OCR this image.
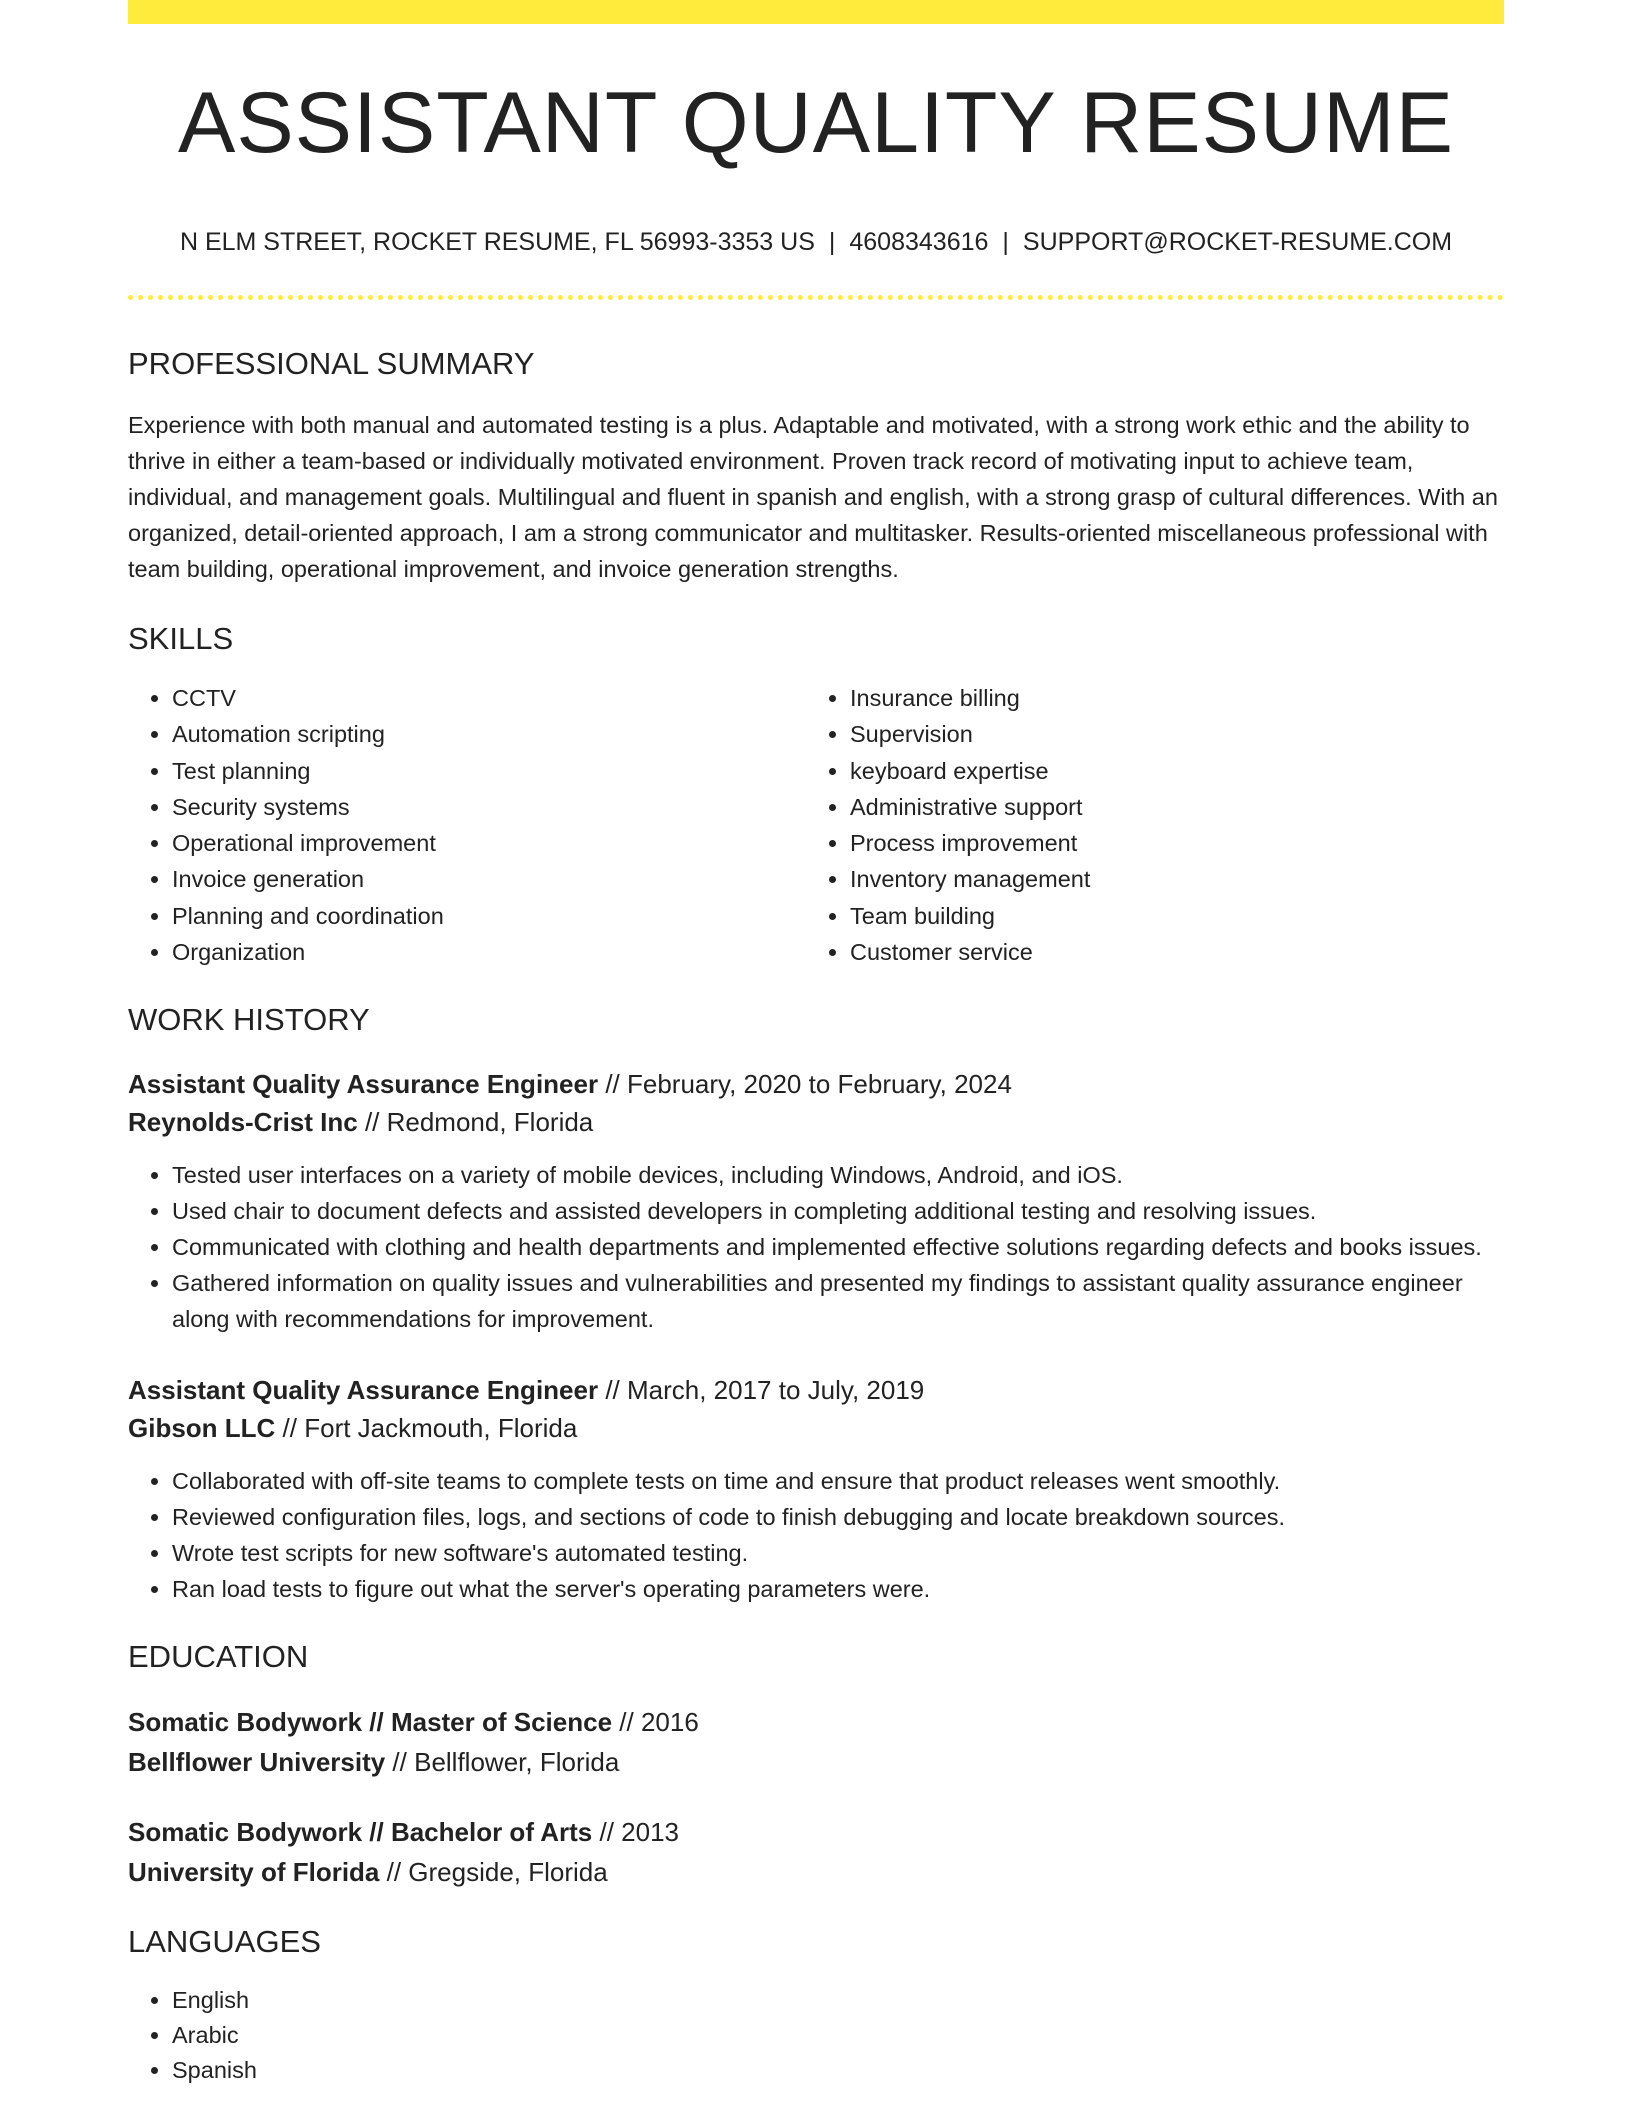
ASSISTANT QUALITY RESUME
N ELM STREET, ROCKET RESUME, FL 56993-3353 US | 4608343616 | SUPPORT@ROCKET-RESUME.COM
PROFESSIONAL SUMMARY
Experience with both manual and automated testing is a plus. Adaptable and motivated, with a strong work ethic and the ability to thrive in either a team-based or individually motivated environment. Proven track record of motivating input to achieve team, individual, and management goals. Multilingual and fluent in spanish and english, with a strong grasp of cultural differences. With an organized, detail-oriented approach, I am a strong communicator and multitasker. Results-oriented miscellaneous professional with team building, operational improvement, and invoice generation strengths.
SKILLS
• CCTV
• Automation scripting
• Test planning
• Security systems
• Operational improvement
• Invoice generation
• Planning and coordination
• Organization
• Insurance billing
• Supervision
• keyboard expertise
• Administrative support
• Process improvement
• Inventory management
• Team building
• Customer service
WORK HISTORY
Assistant Quality Assurance Engineer // February, 2020 to February, 2024
Reynolds-Crist Inc // Redmond, Florida
• Tested user interfaces on a variety of mobile devices, including Windows, Android, and iOS.
• Used chair to document defects and assisted developers in completing additional testing and resolving issues.
• Communicated with clothing and health departments and implemented effective solutions regarding defects and books issues.
• Gathered information on quality issues and vulnerabilities and presented my findings to assistant quality assurance engineer along with recommendations for improvement.
Assistant Quality Assurance Engineer // March, 2017 to July, 2019
Gibson LLC // Fort Jackmouth, Florida
• Collaborated with off-site teams to complete tests on time and ensure that product releases went smoothly.
• Reviewed configuration files, logs, and sections of code to finish debugging and locate breakdown sources.
• Wrote test scripts for new software's automated testing.
• Ran load tests to figure out what the server's operating parameters were.
EDUCATION
Somatic Bodywork // Master of Science // 2016
Bellflower University // Bellflower, Florida
Somatic Bodywork // Bachelor of Arts // 2013
University of Florida // Gregside, Florida
LANGUAGES
• English
• Arabic
• Spanish
